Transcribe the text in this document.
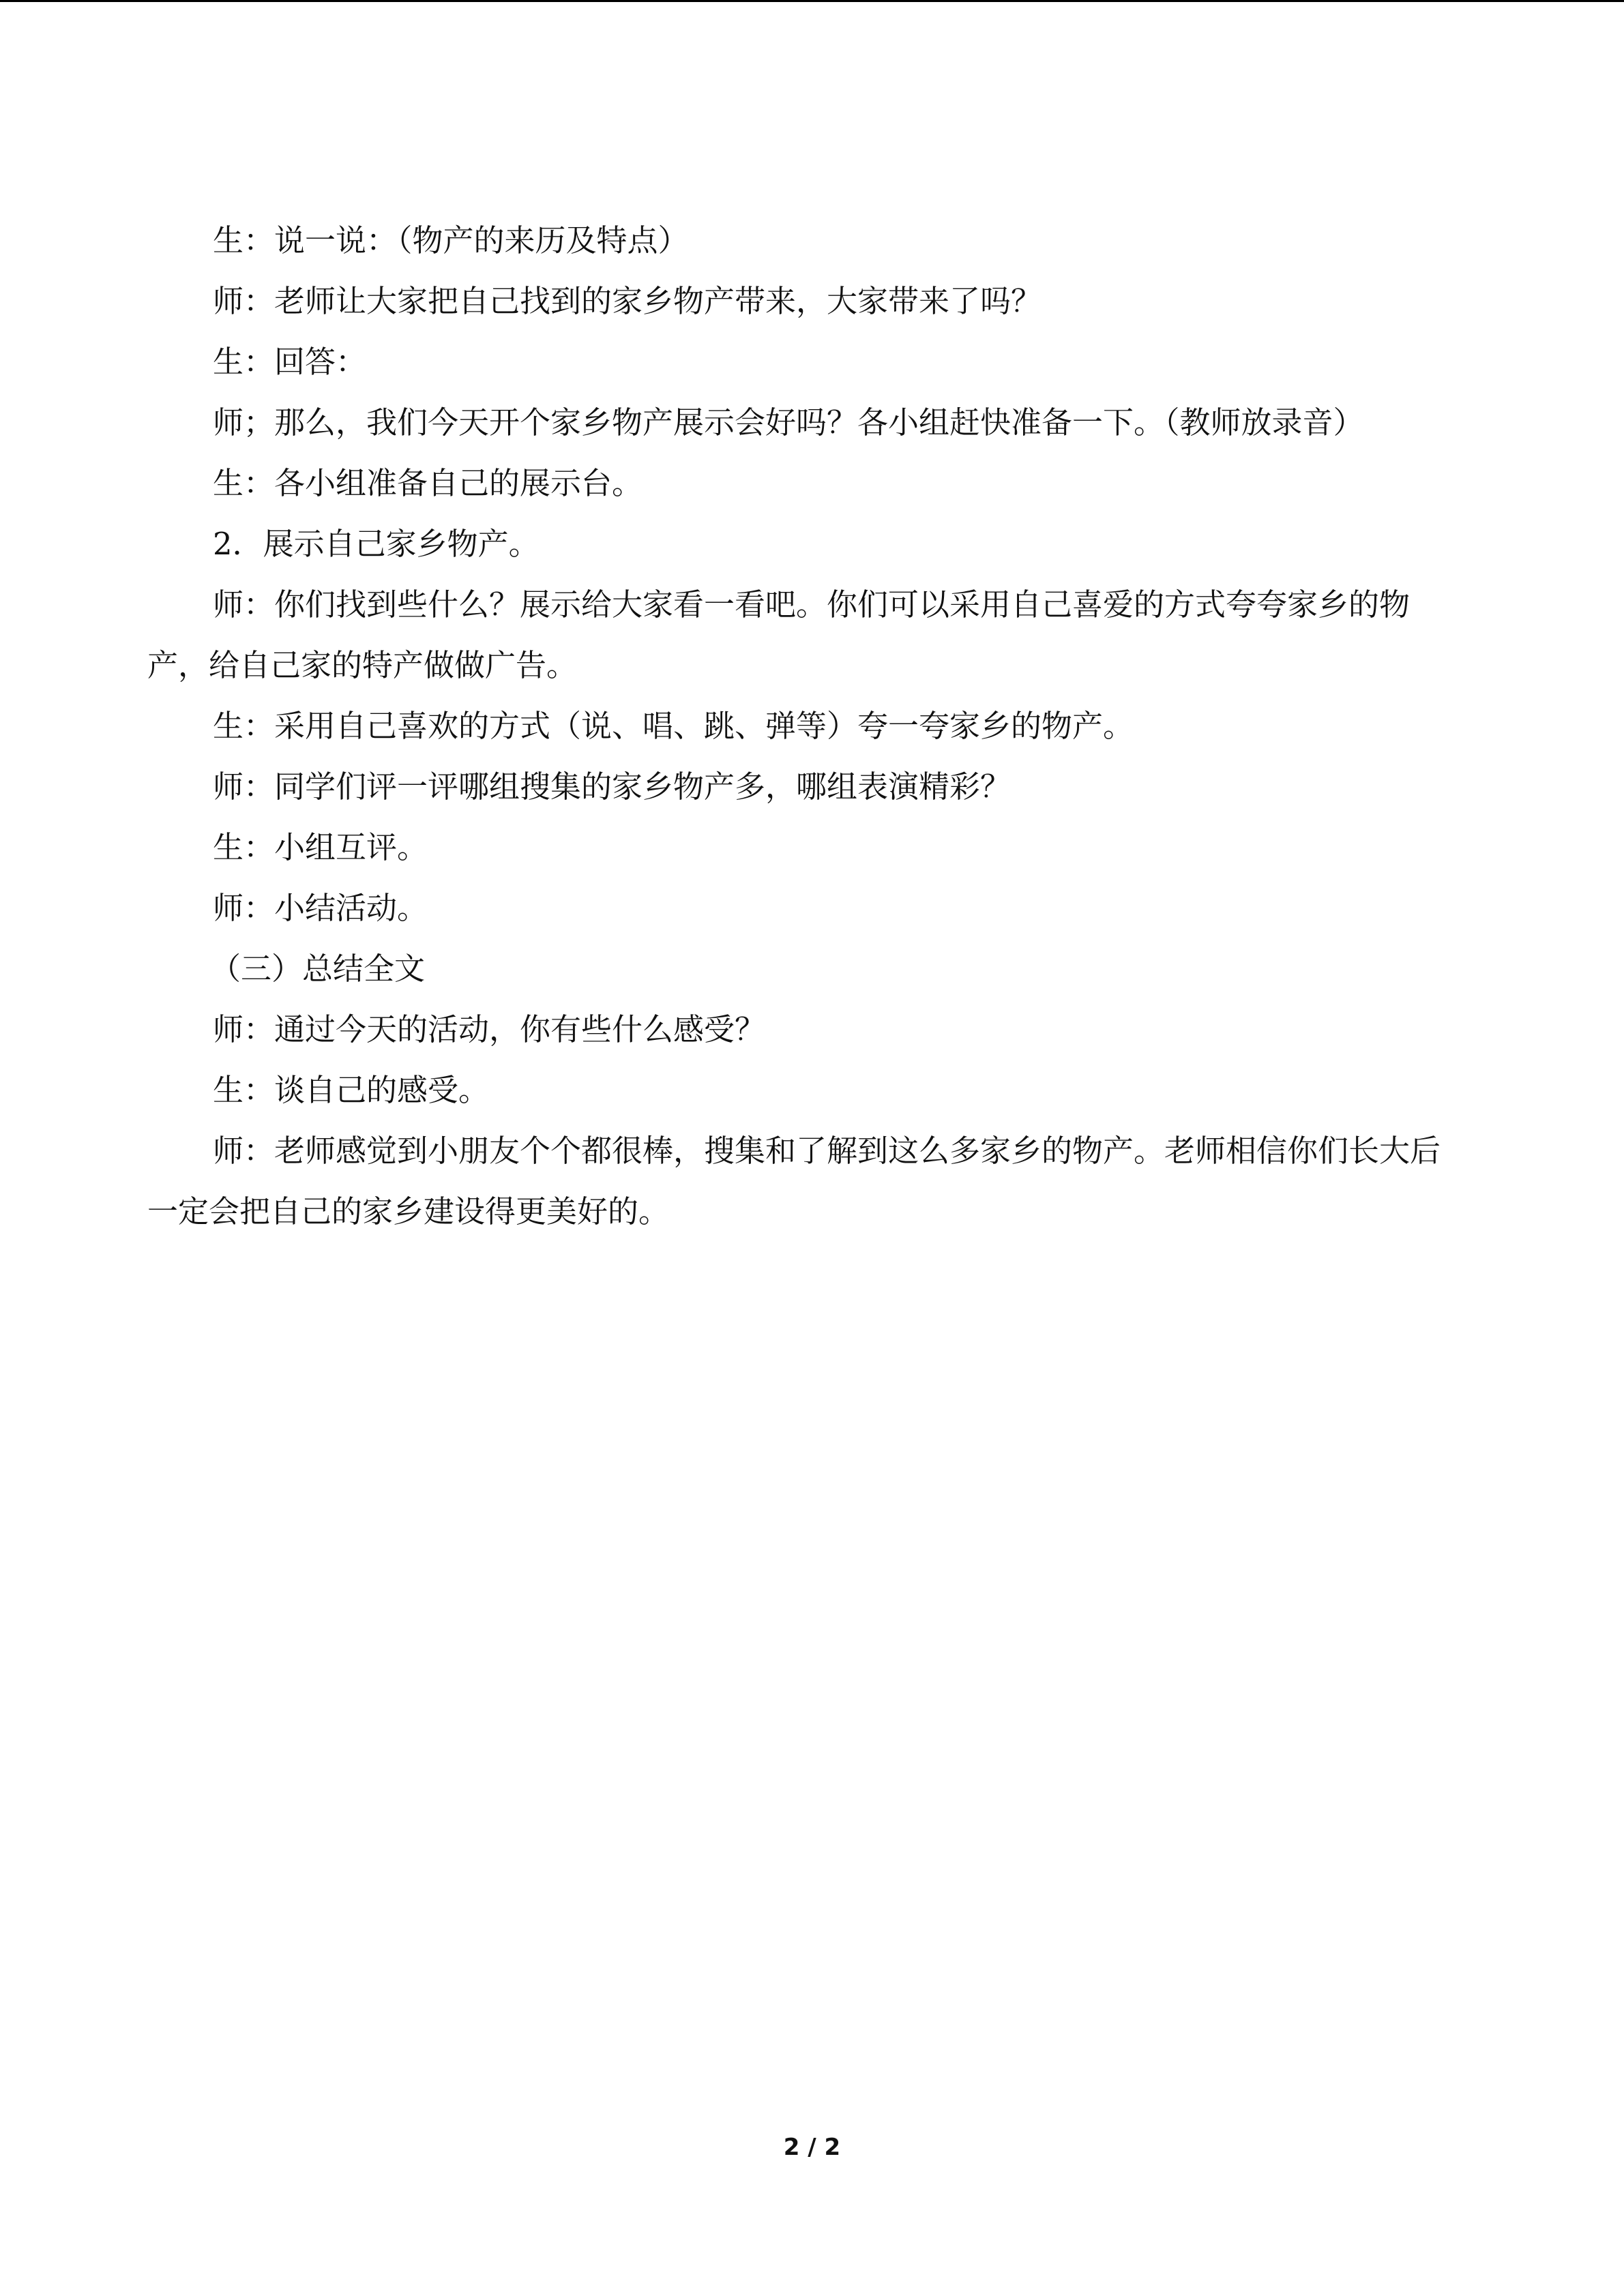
生：说一说：（物产的来历及特点）

师：老师让大家把自己找到的家乡物产带来，大家带来了吗？

生：回答：

师；那么，我们今天开个家乡物产展示会好吗？各小组赶快准备一下。（教师放录音）

生：各小组准备自己的展示台。

2．展示自己家乡物产。

师：你们找到些什么？展示给大家看一看吧。你们可以采用自己喜爱的方式夸夸家乡的物产，给自己家的特产做做广告。

生：采用自己喜欢的方式（说、唱、跳、弹等）夸一夸家乡的物产。

师：同学们评一评哪组搜集的家乡物产多，哪组表演精彩？

生：小组互评。

师：小结活动。

（三）总结全文

师：通过今天的活动，你有些什么感受？

生：谈自己的感受。

师：老师感觉到小朋友个个都很棒，搜集和了解到这么多家乡的物产。老师相信你们长大后一定会把自己的家乡建设得更美好的。

2 / 2
